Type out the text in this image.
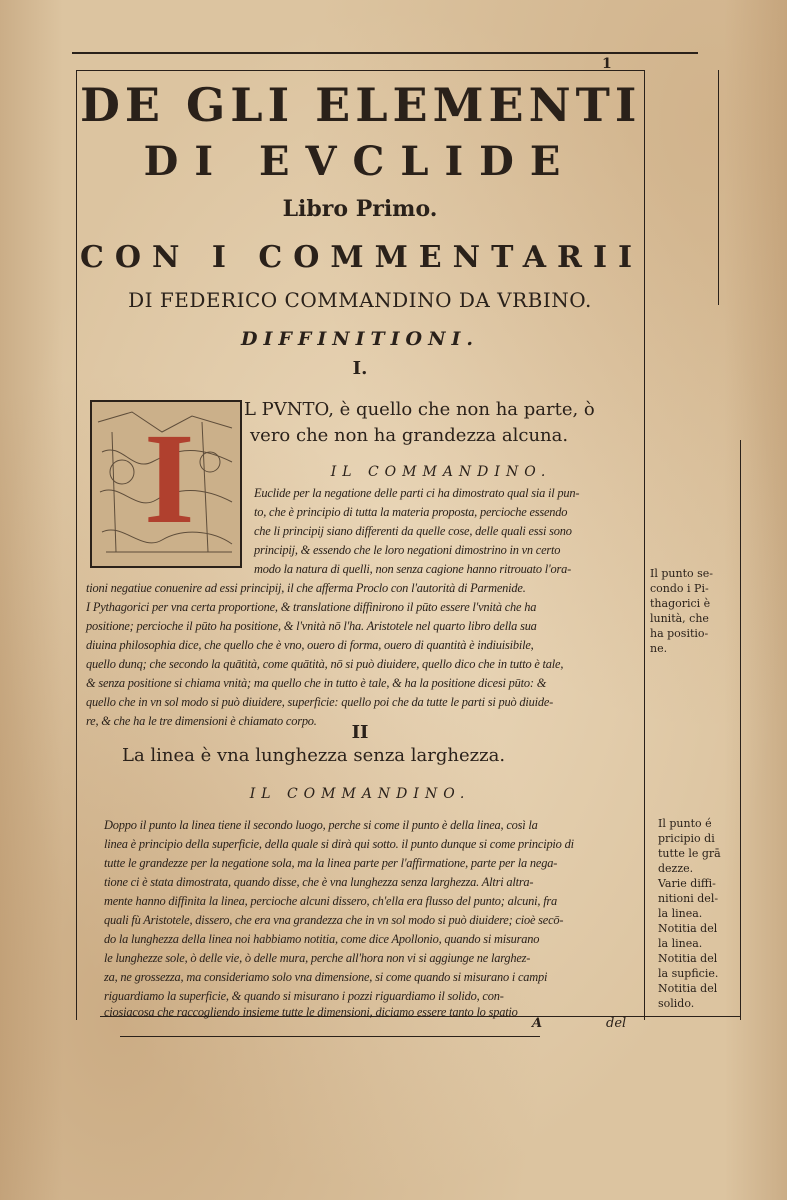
1
DE GLI ELEMENTI
DI EVCLIDE
Libro Primo.
CON I COMMENTARII
DI FEDERICO COMMANDINO DA VRBINO.
DIFFINITIONI.
I.
I	L PVNTO, è quello che non ha parte, ò
vero che non ha grandezza alcuna.
IL COMMANDINO.
Euclide per la negatione delle parti ci ha dimostrato qual sia il pun-
to, che è principio di tutta la materia proposta, percioche essendo
che li principij siano differenti da quelle cose, delle quali essi sono
principij, & essendo che le loro negationi dimostrino in vn certo
modo la natura di quelli, non senza cagione hanno ritrouato l'ora-
tioni negatiue conuenire ad essi principij, il che afferma Proclo con l'autorità di Parmenide.
I Pythagorici per vna certa proportione, & translatione diffinirono il pūto essere l'vnità che ha
positione; percioche il pūto ha positione, & l'vnità nō l'ha. Aristotele nel quarto libro della sua
diuina philosophia dice, che quello che è vno, ouero di forma, ouero di quantità è indiuisibile,
quello dunq; che secondo la quātità, come quātità, nō si può diuidere, quello dico che in tutto è tale,
& senza positione si chiama vnità; ma quello che in tutto è tale, & ha la positione dicesi pūto: &
quello che in vn sol modo si può diuidere, superficie: quello poi che da tutte le parti si può diuide-
re, & che ha le tre dimensioni è chiamato corpo.
II
La linea è vna lunghezza senza larghezza.
IL COMMANDINO.
Doppo il punto la linea tiene il secondo luogo, perche si come il punto è della linea, così la
linea è principio della superficie, della quale si dirà qui sotto. il punto dunque si come principio di
tutte le grandezze per la negatione sola, ma la linea parte per l'affirmatione, parte per la nega-
tione ci è stata dimostrata, quando disse, che è vna lunghezza senza larghezza. Altri altra-
mente hanno diffinita la linea, percioche alcuni dissero, ch'ella era flusso del punto; alcuni, fra
quali fù Aristotele, dissero, che era vna grandezza che in vn sol modo si può diuidere; cioè secō-
do la lunghezza della linea noi habbiamo notitia, come dice Apollonio, quando si misurano
le lunghezze sole, ò delle vie, ò delle mura, perche all'hora non vi si aggiunge ne larghez-
za, ne grossezza, ma consideriamo solo vna dimensione, si come quando si misurano i campi
riguardiamo la superficie, & quando si misurano i pozzi riguardiamo il solido, con-
ciosiacosa che raccogliendo insieme tutte le dimensioni, diciamo essere tanto lo spatio
Il punto se-
condo i Pi-
thagorici è
lunità, che
ha positio-
ne.
Il punto é
pricipio di
tutte le grā
dezze.
Varie diffi-
nitioni del-
la linea.
Notitia del
la linea.
Notitia del
la supficie.
Notitia del
solido.
A	del
